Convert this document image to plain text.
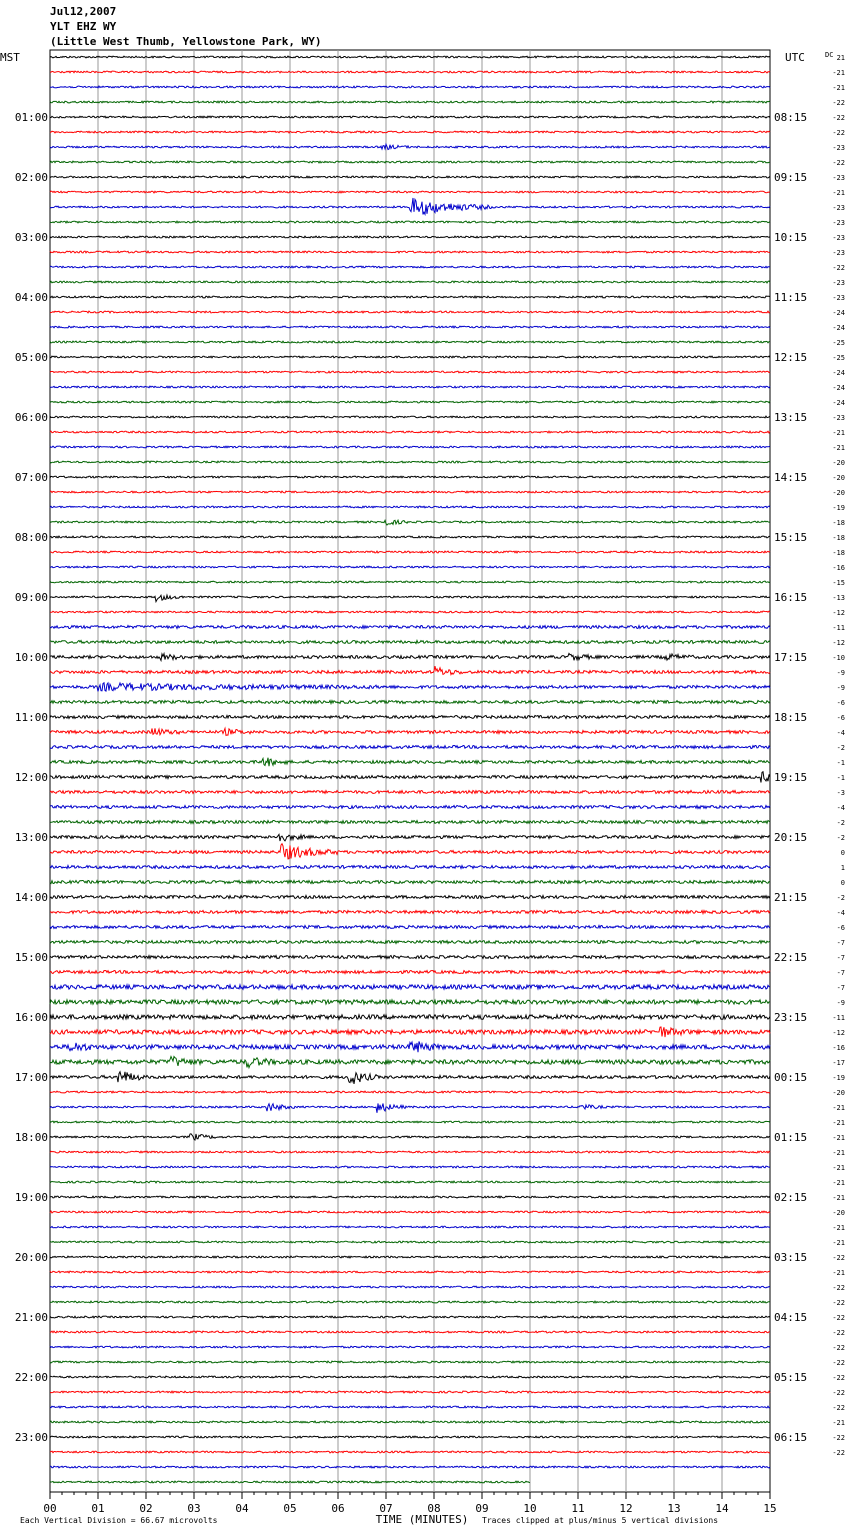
Jul12,2007
YLT EHZ WY
(Little West Thumb, Yellowstone Park, WY)
01:00
02:00
03:00
04:00
05:00
06:00
07:00
08:00
09:00
10:00
11:00
12:00
13:00
14:00
15:00
16:00
17:00
18:00
19:00
20:00
21:00
22:00
23:00
08:15
09:15
10:15
11:15
12:15
13:15
14:15
15:15
16:15
17:15
18:15
19:15
20:15
21:15
22:15
23:15
00:15
01:15
02:15
03:15
04:15
05:15
06:15
MST	UTC	DC 21
-21
-21
-22
-22
-22
-23
-22
-23
-21
-23
-23
-23
-23
-22
-23
-23
-24
-24
-25
-25
-24
-24
-24
-23
-21
-21
-20
-20
-20
-19
-18
-18
-18
-16
-15
-13
-12
-11
-12
-10
-9
-9
-6
-6
-4
-2
-1
-1
-3
-4
-2
-2
0
1
0
-2
-4
-6
-7
-7
-7
-7
-9
-11
-12
-16
-17
-19
-20
-21
-21
-21
-21
-21
-21
-21
-20
-21
-21
-22
-21
-22
-22
-22
-22
-22
-22
-22
-22
-22
-21
-22
-22
00	01	02	03	04	05	06	07	08	09	10	11	12	13	14	15
TIME (MINUTES)
Each Vertical Division = 66.67 microvolts	Traces clipped at plus/minus 5 vertical divisions
